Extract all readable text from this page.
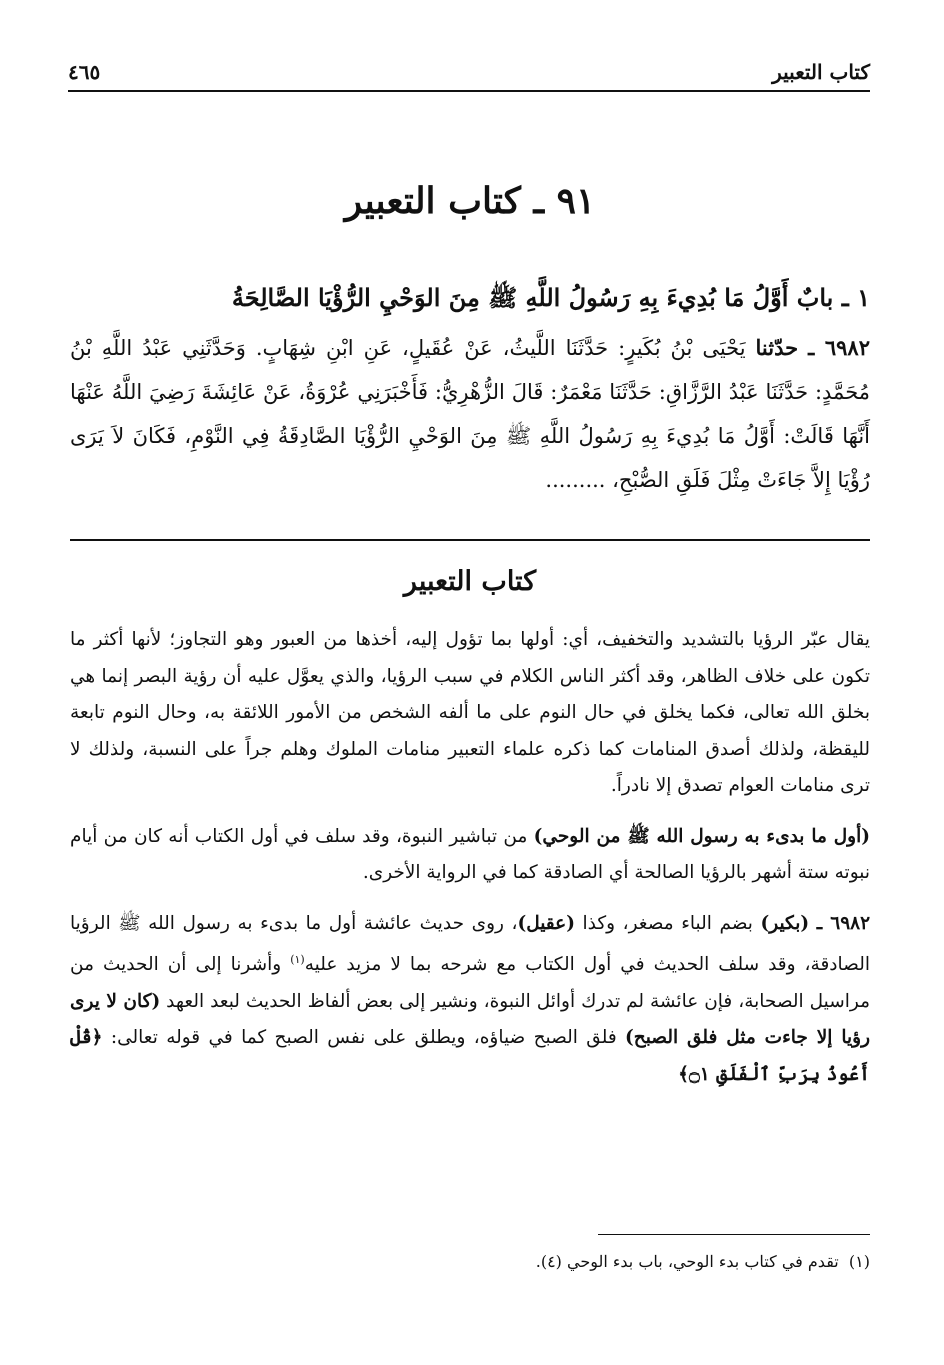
كتاب التعبير
٤٦٥
٩١ ـ كتاب التعبير
١ ـ بابٌ أَوَّلُ مَا بُدِيءَ بِهِ رَسُولُ اللَّهِ ﷺ مِنَ الوَحْيِ الرُّؤْيَا الصَّالِحَةُ
٦٩٨٢ ـ حدّثنا يَحْيَى بْنُ بُكَيرٍ: حَدَّثَنَا اللَّيثُ، عَنْ عُقَيلٍ، عَنِ ابْنِ شِهَابٍ. وَحَدَّثَنِي عَبْدُ اللَّهِ بْنُ مُحَمَّدٍ: حَدَّثَنَا عَبْدُ الرَّزَّاقِ: حَدَّثَنَا مَعْمَرٌ: قَالَ الزُّهْرِيُّ: فَأَخْبَرَنِي عُرْوَةُ، عَنْ عَائِشَةَ رَضِيَ اللَّهُ عَنْهَا أَنَّهَا قَالَتْ: أَوَّلُ مَا بُدِيءَ بِهِ رَسُولُ اللَّهِ ﷺ مِنَ الوَحْيِ الرُّؤْيَا الصَّادِقَةُ فِي النَّوْمِ، فَكَانَ لاَ يَرَى رُؤْيَا إِلاَّ جَاءَتْ مِثْلَ فَلَقِ الصُّبْحِ، .........
كتاب التعبير

يقال عبّر الرؤيا بالتشديد والتخفيف، أي: أولها بما تؤول إليه، أخذها من العبور وهو التجاوز؛ لأنها أكثر ما تكون على خلاف الظاهر، وقد أكثر الناس الكلام في سبب الرؤيا، والذي يعوَّل عليه أن رؤية البصر إنما هي بخلق الله تعالى، فكما يخلق في حال النوم على ما ألفه الشخص من الأمور اللائقة به، وحال النوم تابعة لليقظة، ولذلك أصدق المنامات كما ذكره علماء التعبير منامات الملوك وهلم جراً على النسبة، ولذلك لا ترى منامات العوام تصدق إلا نادراً.

(أول ما بدىء به رسول الله ﷺ من الوحي) من تباشير النبوة، وقد سلف في أول الكتاب أنه كان من أيام نبوته ستة أشهر بالرؤيا الصالحة أي الصادقة كما في الرواية الأخرى.

٦٩٨٢ ـ (بكير) بضم الباء مصغر، وكذا (عقيل)، روى حديث عائشة أول ما بدىء به رسول الله ﷺ الرؤيا الصادقة، وقد سلف الحديث في أول الكتاب مع شرحه بما لا مزيد عليه$^{(١)}$ وأشرنا إلى أن الحديث من مراسيل الصحابة، فإن عائشة لم تدرك أوائل النبوة، ونشير إلى بعض ألفاظ الحديث لبعد العهد (كان لا يرى رؤيا إلا جاءت مثل فلق الصبح) فلق الصبح ضياؤه، ويطلق على نفس الصبح كما في قوله تعالى: ﴿قُلْ أَعُوذُ بِرَبِّ ٱلْفَلَقِ ۝١﴾

(١)  تقدم في كتاب بدء الوحي، باب بدء الوحي (٤).
